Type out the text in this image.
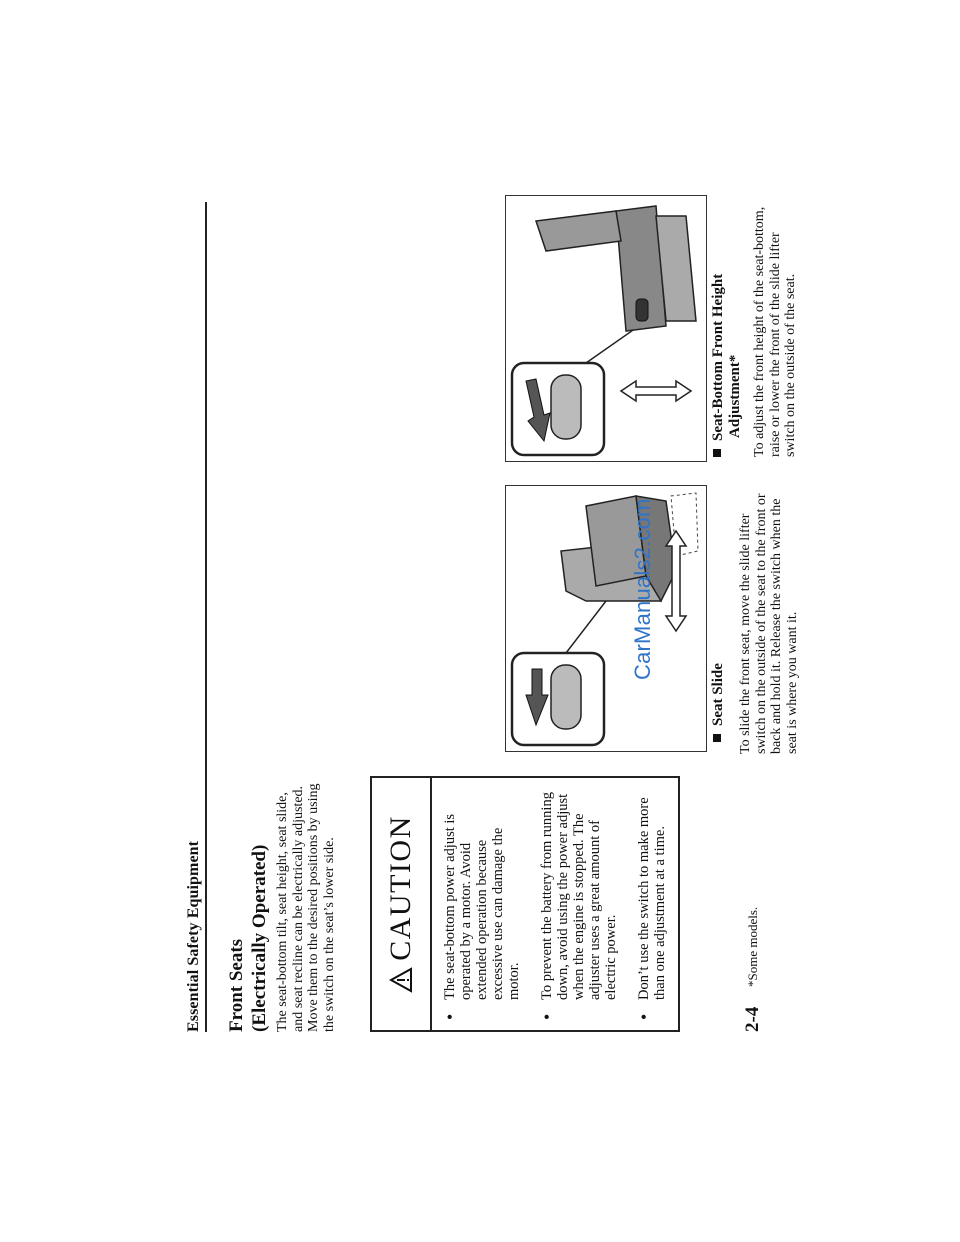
Essential Safety Equipment Front Seats (Electrically Operated) The seat-bottom tilt, seat height, seat slide, and seat recline can be electrically adjusted. Move them to the desired positions by using the switch on the seat’s lower side. CAUTION • The seat-bottom power adjust is operated by a motor. Avoid extended operation because excessive use can damage the motor. • To prevent the battery from running down, avoid using the power adjust when the engine is stopped. The adjuster uses a great amount of electric power. • Don’t use the switch to make more than one adjustment at a time.
Seat Slide To slide the front seat, move the slide lifter switch on the outside of the seat to the front or back and hold it. Release the switch when the seat is where you want it.
Seat-Bottom Front Height Adjustment* To adjust the front height of the seat-bottom, raise or lower the front of the slide lifter switch on the outside of the seat.
CarManuals2.com
2-4
*Some models.
